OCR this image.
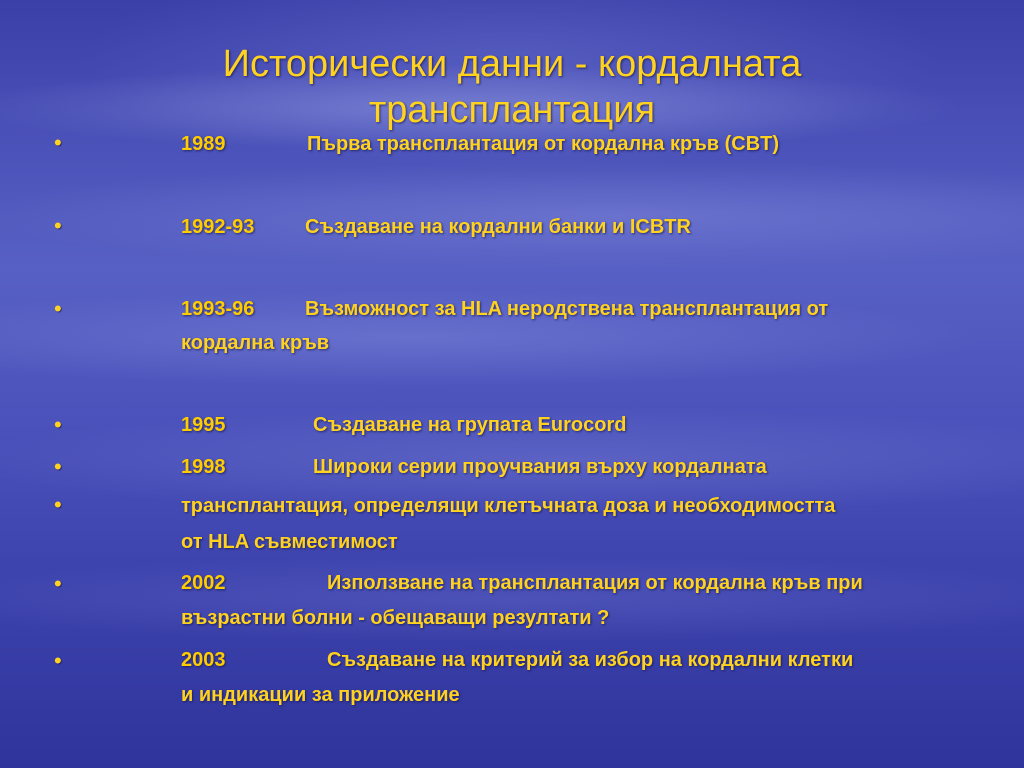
Исторически данни - кордалната
трансплантация
•	1989	Първа трансплантация от кордална кръв (CBT)
•	1992-93	Създаване на кордални банки и ICBTR
•	1993-96	Възможност за HLA неродствена трансплантация от
кордална кръв
•	1995	Създаване на групата Eurocord
•	1998	Широки серии проучвания върху кордалната
•	трансплантация, определящи клетъчната доза и необходимостта
от HLA съвместимост
•	2002	Използване на трансплантация от кордална кръв при
възрастни болни - обещаващи резултати ?
•	2003	Създаване на критерий за избор на кордални клетки
и индикации за приложение
